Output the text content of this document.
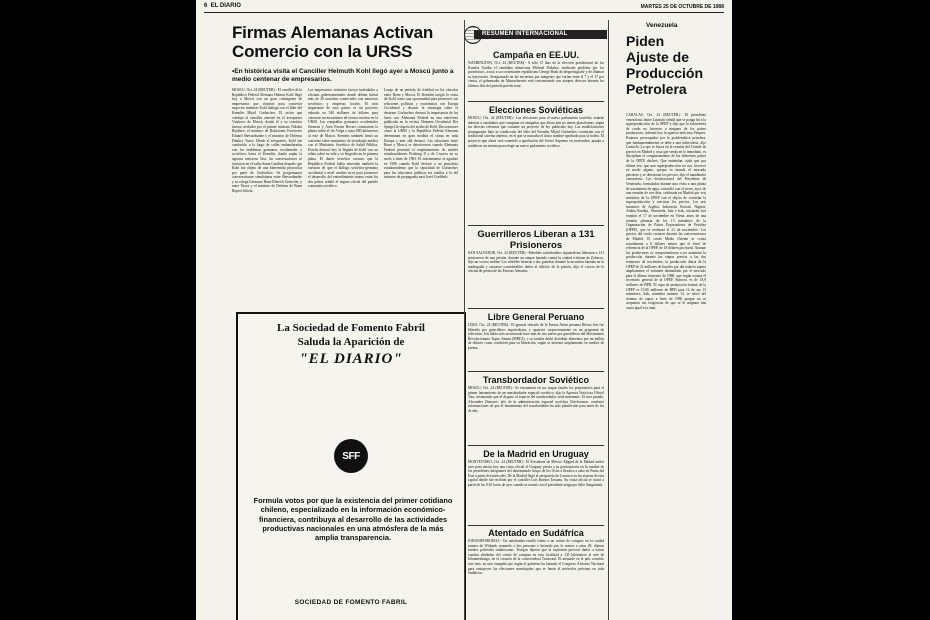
6 EL DIARIO	MARTES 25 DE OCTUBRE DE 1988
Firmas Alemanas Activan Comercio con la URSS
•En histórica visita el Canciller Helmuth Kohl llegó ayer a Moscú junto a medio centenar de empresarios.

MOSCU, Oct. 24 (REUTER).- El canciller de la República Federal Alemana Helmut Kohl llegó hoy a Moscú con un gran contingente de empresarios que viajaron para concertar negocios mientras Kohl dialoga con el líder del Kremlin Mijail Gorbachov. El avión que condujo al canciller aterrizó en el aeropuerto Vnukovo de Moscú, donde él y su comitiva fueron recibidos por el primer ministro Nikolai Ryzhkov, el ministro de Relaciones Exteriores Eduard Shevardnadze y el ministro de Defensa Dimitry Yazov. Desde el aeropuerto, Kohl fue conducido a lo largo de calles embanderadas con los emblemas germanos occidentales y soviéticos hasta el Kremlin, donde según la agencia noticiosa Tass, las conversaciones se iniciaron en el salón Santa Catalina después que Kohl fue objeto de una bienvenida protocolar por parte de Gorbachov. Se programaron conversaciones simultáneas entre Shevardnadze y su colega Germano Hans-Dietrich Genscher, y entre Yazov y el ministro de Defensa de Bonn Rupert Scholz.

Los empresarios visitantes fueron trasladados a oficinas gubernamentales donde debían firmar más de 30 acuerdos comerciales con ministros soviéticos y empresas locales. El más importante de esos pactos es un proyecto valuado en 540 millones de dólares para construir un mecanismo de reactor nuclear en la URSS. Las compañías germanos occidentales Siemens y Asea Brown Boveri construirán la planta sobre el río Volga a unos 800 kilómetros al este de Moscú. Siemens también firmó un convenio sobre suministro de tecnología médica con el Ministerio Soviético de Salud Pública. Pravda destacó hoy la llegada de Kohl con un relato sobre su vida y su biografía en la primera plana. El diario soviético sostuvo que la República Federal había renovado también la cuestión de que el diálogo soviético-germano occidental a nivel cumbre sirva para promover el desarrollo del entendimiento mutuo entre los dos países señaló el órgano oficial del partido comunista soviético.

Luego de un período de frialdad en los vínculos entre Bonn y Moscú, El Kremlin acogió la visita de Kohl como una oportunidad para promover sus relaciones políticas y económicas con Europa Occidental y discutir la estrategia sobre el desarme. Gorbachov destacó la importancia de los lazos con Alemania Federal en una entrevista publicada en la revista Alemana Occidental Der Spiegel la víspera del arribo de Kohl. Dos naciones como la URSS y la República Federal Alemana determinan en gran medida el clima en toda Europa y más allá destacó. Las relaciones entre Bonn y Moscú se deterioraron cuando Alemania Federal permitió el emplazamiento de misiles estadounidenses Pershing II y de Crucero en su suelo a fines de 1983. El enfriamiento se agudizó en 1986 cuando Kohl declaró a un periodista estadounidense que la capacidad de Gorbachov para las relaciones públicas era similar a la del ministro de propaganda nazi Josef Goebbels.

La Sociedad de Fomento Fabril
Saluda la Aparición de
"EL DIARIO"
SFF
Formula votos por que la existencia del primer cotidiano chileno, especializado en la información económico-financiera, contribuya al desarrollo de las actividades productivas nacionales en una atmósfera de la más amplia transparencia.
SOCIEDAD DE FOMENTO FABRIL
RESUMEN INTERNACIONAL
Campaña en EE.UU.

WASHINGTON, Oct. 24 (REUTER).- A sólo 15 días de la elección presidencial de los Estados Unidos el candidato demócrata Michael Dukakis, sindicado perdedor por los pronósticos, acusó a su contrincante republicano George Bush de desprestigiarle y de difamar su trayectoria. Avergonzado en las encuestas por márgenes que varían entre el 7 y el 17 por ciento, el gobernador de Massachusetts está concentrando con ataques directos durante los últimos días del período preelectoral.

Elecciones Soviéticas

MOSCU, Oct. 24 (REUTER).- Las elecciones para el nuevo parlamento soviético estarán abiertas a candidatos que compitan en campañas que ahora aún no tienen plataformas, según las directas reformas que contiene un proyecto de ley publicado hoy. Las modificaciones propugnadas bajo la conducción del líder del Kremlin Mijail Gorbachov contrastan con el tradicional sistema anterior, en el que se marcaba el único nombre aprobado para la boleta. El proyecto que ahora será sometido a aprobación del Soviet Supremo en noviembre, apunta a establecer un sistema para elegir un nuevo parlamento soviético.

Guerrilleros Liberan a 131 Prisioneros

SAN SALVADOR, Oct. 24 (REUTER).- Rebeldes salvadoreños izquierdistas liberaron a 131 prisioneros de una prisión, durante un ataque lanzado contra la ciudad cristiana de Zobasco, dijo un vocero militar. Los rebeldes hirieron a dos guardias durante la incursión lanzada en la madrugada y causaron considerables daños al edificio de la prisión, dijo el vocero de la oficina de prensa de las Fuerzas Armadas.

Libre General Peruano

LIMA, Oct. 24 (REUTER).- El general retirado de la Fuerza Aérea peruana Héctor Jeri fue liberado por guerrilleros izquierdistas, y apareció sorpresivamente en un programa de televisión. Jeri había sido secuestrado hace más de tres meses por guerrilleros del Movimiento Revolucionario Tupac Amaru (MRTA), y su familia debió distribuir alimentos por un millón de dólares como condición para su liberación, según se informó ampliamente en medios de prensa.

Transbordador Soviético

MOSCU, Oct. 24 (REUTER).- Se encuentran en sus etapas finales los preparativos para el primer lanzamiento de un transbordador espacial soviético, dijo la Agencia Noticiosa Oficial Tass, insinuando que el disparo al espacio del transbordador sería inminente. El mes pasado, Alexander Dunayev, jefe de la administración espacial soviética Glavkosmos, confirmó informaciones de que el lanzamiento del transbordador ha sido planificado para antes de fin de año.

De la Madrid en Uruguay

MONTEVIDEO, Oct. 24 (REUTER).- El Presidente de México Miguel de la Madrid arribó ayer para iniciar hoy una visita oficial al Uruguay previa a su participación en la cumbre de los presidentes integrantes del denominado Grupo de los Ocho a llevarse a cabo en Punta del Este a partir del miércoles. De la Madrid llegó al aeropuerto de Carrasco en las afueras de esta capital donde fue recibido por el canciller Luis Barrios Tassano. Su visita oficial se inició a partir de las 9.30 horas de ayer cuando se reunió con el presidente uruguayo Julio Sanguinetti.

Atentado en Sudáfrica

JOHANNESBURGO.- Un autobomba estalló frente a un centro de compras en la ciudad minera de Witbank, matando a dos personas e hiriendo por lo menos a otras 29, dijeron fuentes policiales sudafricanas. Testigos dijeron que la explosión provocó daños a varias cuadras alrededor del centro de compras en esta localidad a 145 kilómetros al este de Johannesburgo, en el corazón de la conservadora Transvaal. El atentado en el país ocurrido este mes, en una campaña que según el gobierno ha lanzado el Congreso Africano Nacional para entorpecer las elecciones municipales que se harán el miércoles próximo en toda Sudáfrica.

Venezuela
Piden Ajuste de Producción Petrolera

CARACAS, Oct. 23 (REUTER).- El presidente venezolano Jaime Lusinchi señaló que se ponga fin a la superproducción de la OPEP y dijo que la sobreoferta de crudo no favorece a ninguno de los países productores, informó hoy la agencia noticiosa Venpres. Estamos preocupados por la problemática petrolera, que fundamentalmente se debe a una sobreoferta, dijo Lusinchi. Lo que se busca en la reunión del Comité de precios en Madrid y cosa que venda en lo inmediato, es disciplinar el comportamiento de los diferentes países de la OPEP, declaró. Que entiendan, ojalá que por última vez, que una superproducción no nos favorece en modo alguno, porque se inunda el mercado petrolero y se deterioran los precios, dijo el mandatario venezolano. Las declaraciones del Presidente de Venezuela, formuladas durante una visita a una planta de tratamiento de agua, coincidió con el cierre, ayer, de una reunión de tres días, celebrada en Madrid por seis ministros de la OPEP con el objeto de controlar la superproducción y reactivar los precios. Los seis ministros de Argelia, Indonesia, Kuwait, Nigeria, Arabia Saudita, Venezuela, Irán e Irak, iniciarán otra reunión el 17 de noviembre en Viena, antes de una reunión plenaria de los 13 miembros de la Organización de Países Exportadores de Petróleo (OPEP), que se realizará el 21 de noviembre. Los precios del crudo variaron durante las conversaciones de Madrid. El crudo Medio Oriente se cotiza actualmente a 6 dólares menos que el nivel de referencia de la OPEP, de 18 dólares por barril. Aunque los productores se comprometieron a no aumentar la producción durante las etapas previas a las dos reuniones de noviembre, la producción diaria de la OPEP de 21 millones de barriles por día todavía supera ampliamente el volumen demandado por el mercado para el último trimestre de 1988, que según estima el secretario general de la OPEP, Subroto, es de 18,9 millones de BPD. El cupo de producción formal de la OPEP es 15,06 millones de BPD para 12 de sus 13 miembros. Irak, miembro número 13, se retiró del sistema de cupos a fines de 1986 porque no se aceptaron sus exigencias de que se le asignara una cuota igual a la iraní.
